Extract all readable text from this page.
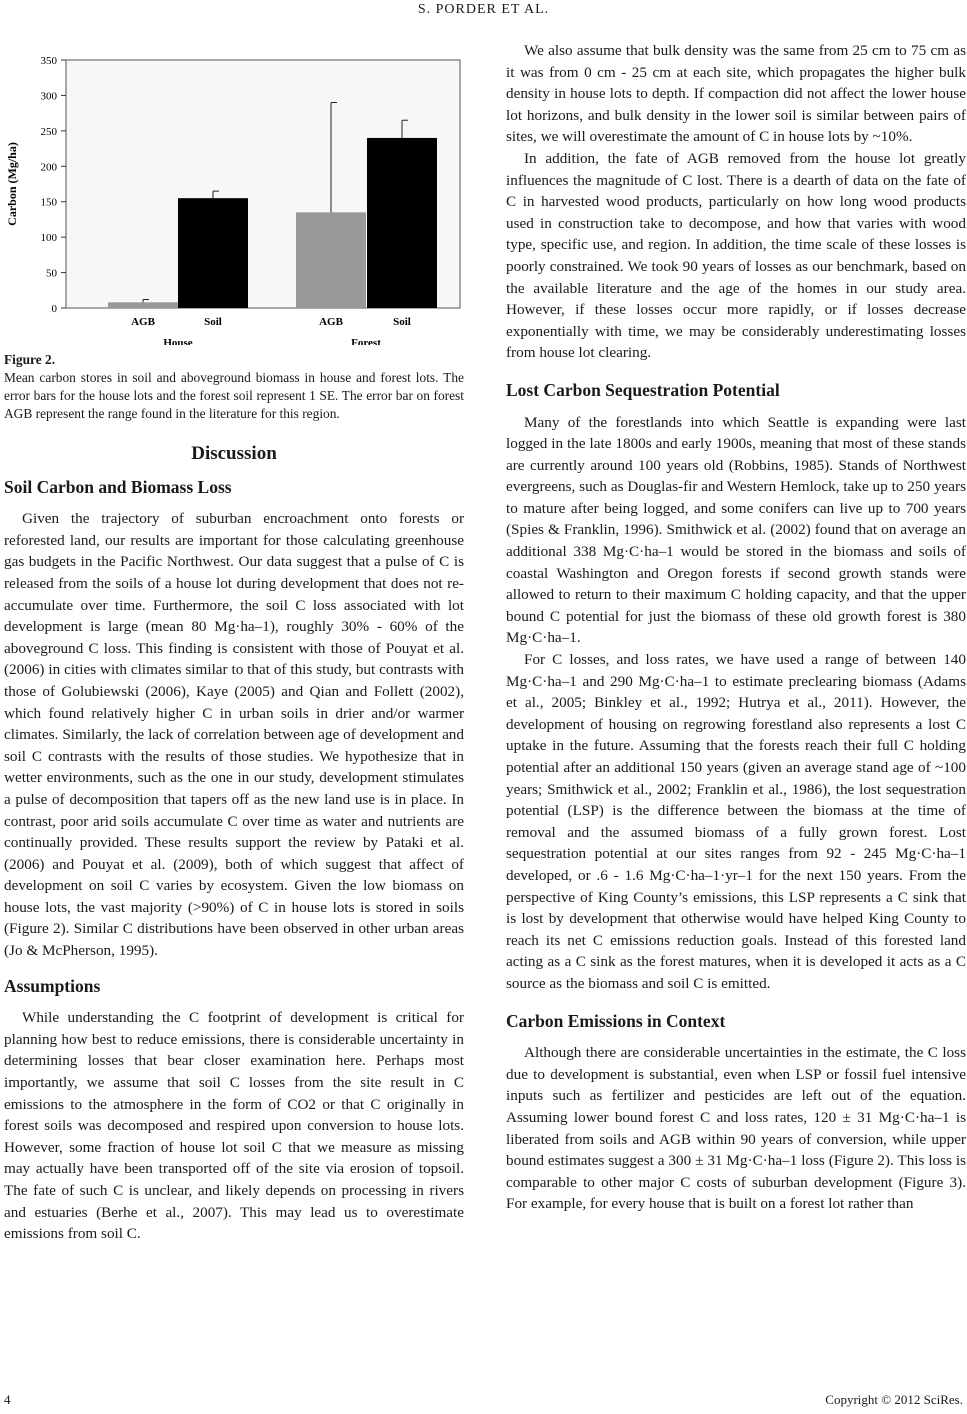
S. PORDER ET AL.
0
50
100
150
200
250
300
350
Carbon (Mg/ha)
AGB	Soil	AGB	Soil
House	Forest
Figure 2.
Mean carbon stores in soil and aboveground biomass in house and forest lots. The error bars for the house lots and the forest soil represent 1 SE. The error bar on forest AGB represent the range found in the literature for this region.
Discussion
Soil Carbon and Biomass Loss

Given the trajectory of suburban encroachment onto forests or reforested land, our results are important for those calculating greenhouse gas budgets in the Pacific Northwest. Our data suggest that a pulse of C is released from the soils of a house lot during development that does not re-accumulate over time. Furthermore, the soil C loss associated with lot development is large (mean 80 Mg·ha–1), roughly 30% - 60% of the aboveground C loss. This finding is consistent with those of Pouyat et al. (2006) in cities with climates similar to that of this study, but contrasts with those of Golubiewski (2006), Kaye (2005) and Qian and Follett (2002), which found relatively higher C in urban soils in drier and/or warmer climates. Similarly, the lack of correlation between age of development and soil C contrasts with the results of those studies. We hypothesize that in wetter environments, such as the one in our study, development stimulates a pulse of decomposition that tapers off as the new land use is in place. In contrast, poor arid soils accumulate C over time as water and nutrients are continually provided. These results support the review by Pataki et al. (2006) and Pouyat et al. (2009), both of which suggest that affect of development on soil C varies by ecosystem. Given the low biomass on house lots, the vast majority (>90%) of C in house lots is stored in soils (Figure 2). Similar C distributions have been observed in other urban areas (Jo & McPherson, 1995).

Assumptions

While understanding the C footprint of development is critical for planning how best to reduce emissions, there is considerable uncertainty in determining losses that bear closer examination here. Perhaps most importantly, we assume that soil C losses from the site result in C emissions to the atmosphere in the form of CO2 or that C originally in forest soils was decomposed and respired upon conversion to house lots. However, some fraction of house lot soil C that we measure as missing may actually have been transported off of the site via erosion of topsoil. The fate of such C is unclear, and likely depends on processing in rivers and estuaries (Berhe et al., 2007). This may lead us to overestimate emissions from soil C.

We also assume that bulk density was the same from 25 cm to 75 cm as it was from 0 cm - 25 cm at each site, which propagates the higher bulk density in house lots to depth. If compaction did not affect the lower house lot horizons, and bulk density in the lower soil is similar between pairs of sites, we will overestimate the amount of C in house lots by ~10%.

In addition, the fate of AGB removed from the house lot greatly influences the magnitude of C lost. There is a dearth of data on the fate of C in harvested wood products, particularly on how long wood products used in construction take to decompose, and how that varies with wood type, specific use, and region. In addition, the time scale of these losses is poorly constrained. We took 90 years of losses as our benchmark, based on the available literature and the age of the homes in our study area. However, if these losses occur more rapidly, or if losses decrease exponentially with time, we may be considerably underestimating losses from house lot clearing.

Lost Carbon Sequestration Potential

Many of the forestlands into which Seattle is expanding were last logged in the late 1800s and early 1900s, meaning that most of these stands are currently around 100 years old (Robbins, 1985). Stands of Northwest evergreens, such as Douglas-fir and Western Hemlock, take up to 250 years to mature after being logged, and some conifers can live up to 700 years (Spies & Franklin, 1996). Smithwick et al. (2002) found that on average an additional 338 Mg·C·ha–1 would be stored in the biomass and soils of coastal Washington and Oregon forests if second growth stands were allowed to return to their maximum C holding capacity, and that the upper bound C potential for just the biomass of these old growth forest is 380 Mg·C·ha–1.

For C losses, and loss rates, we have used a range of between 140 Mg·C·ha–1 and 290 Mg·C·ha–1 to estimate preclearing biomass (Adams et al., 2005; Binkley et al., 1992; Hutrya et al., 2011). However, the development of housing on regrowing forestland also represents a lost C uptake in the future. Assuming that the forests reach their full C holding potential after an additional 150 years (given an average stand age of ~100 years; Smithwick et al., 2002; Franklin et al., 1986), the lost sequestration potential (LSP) is the difference between the biomass at the time of removal and the assumed biomass of a fully grown forest. Lost sequestration potential at our sites ranges from 92 - 245 Mg·C·ha–1 developed, or .6 - 1.6 Mg·C·ha–1·yr–1 for the next 150 years. From the perspective of King County’s emissions, this LSP represents a C sink that is lost by development that otherwise would have helped King County to reach its net C emissions reduction goals. Instead of this forested land acting as a C sink as the forest matures, when it is developed it acts as a C source as the biomass and soil C is emitted.

Carbon Emissions in Context

Although there are considerable uncertainties in the estimate, the C loss due to development is substantial, even when LSP or fossil fuel intensive inputs such as fertilizer and pesticides are left out of the equation. Assuming lower bound forest C and loss rates, 120 ± 31 Mg·C·ha–1 is liberated from soils and AGB within 90 years of conversion, while upper bound estimates suggest a 300 ± 31 Mg·C·ha–1 loss (Figure 2). This loss is comparable to other major C costs of suburban development (Figure 3). For example, for every house that is built on a forest lot rather than

4	Copyright © 2012 SciRes.
